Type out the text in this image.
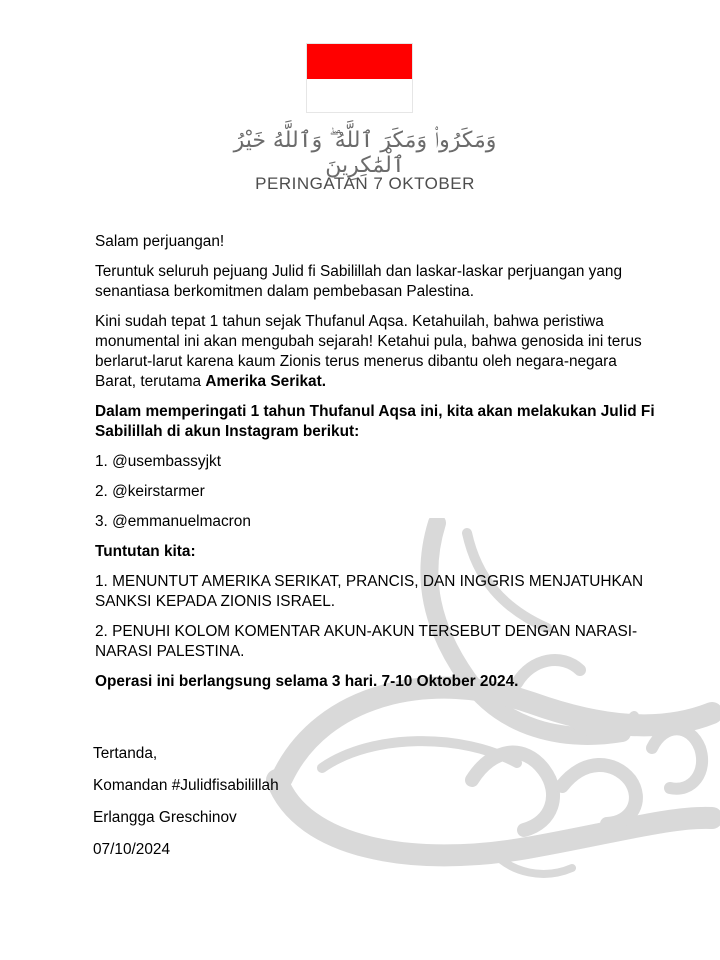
وَمَكَرُوا۟ وَمَكَرَ ٱللَّهُ ۖ وَٱللَّهُ خَيْرُ ٱلْمَٰكِرِينَ
PERINGATAN 7 OKTOBER

Salam perjuangan!

Teruntuk seluruh pejuang Julid fi Sabilillah dan laskar-laskar perjuangan yang senantiasa berkomitmen dalam pembebasan Palestina.

Kini sudah tepat 1 tahun sejak Thufanul Aqsa. Ketahuilah, bahwa peristiwa monumental ini akan mengubah sejarah! Ketahui pula, bahwa genosida ini terus berlarut-larut karena kaum Zionis terus menerus dibantu oleh negara-negara Barat, terutama Amerika Serikat.

Dalam memperingati 1 tahun Thufanul Aqsa ini, kita akan melakukan Julid Fi Sabilillah di akun Instagram berikut:

1. @usembassyjkt

2. @keirstarmer

3. @emmanuelmacron

Tuntutan kita:

1. MENUNTUT AMERIKA SERIKAT, PRANCIS, DAN INGGRIS MENJATUHKAN SANKSI KEPADA ZIONIS ISRAEL.

2. PENUHI KOLOM KOMENTAR AKUN-AKUN TERSEBUT DENGAN NARASI-NARASI PALESTINA.

Operasi ini berlangsung selama 3 hari. 7-10 Oktober 2024.

Tertanda,

Komandan #Julidfisabilillah

Erlangga Greschinov

07/10/2024
